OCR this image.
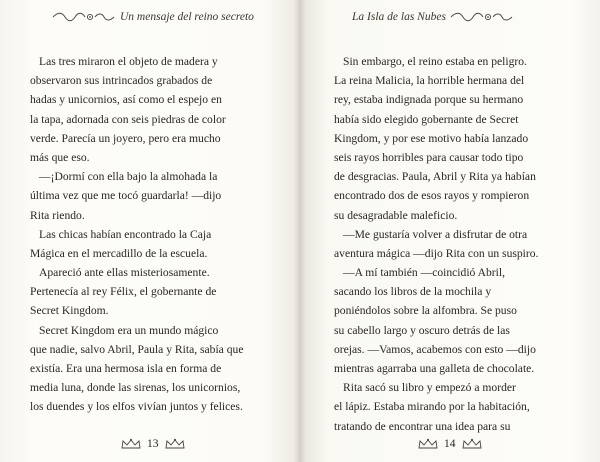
Un mensaje del reino secreto
Las tres miraron el objeto de madera y
observaron sus intrincados grabados de
hadas y unicornios, así como el espejo en
la tapa, adornada con seis piedras de color
verde. Parecía un joyero, pero era mucho
más que eso.
—¡Dormí con ella bajo la almohada la
última vez que me tocó guardarla! —dijo
Rita riendo.
Las chicas habían encontrado la Caja
Mágica en el mercadillo de la escuela.
Apareció ante ellas misteriosamente.
Pertenecía al rey Félix, el gobernante de
Secret Kingdom.
Secret Kingdom era un mundo mágico
que nadie, salvo Abril, Paula y Rita, sabía que
existía. Era una hermosa isla en forma de
media luna, donde las sirenas, los unicornios,
los duendes y los elfos vivían juntos y felices.
13
La Isla de las Nubes
Sin embargo, el reino estaba en peligro.
La reina Malicia, la horrible hermana del
rey, estaba indignada porque su hermano
había sido elegido gobernante de Secret
Kingdom, y por ese motivo había lanzado
seis rayos horribles para causar todo tipo
de desgracias. Paula, Abril y Rita ya habían
encontrado dos de esos rayos y rompieron
su desagradable maleficio.
—Me gustaría volver a disfrutar de otra
aventura mágica —dijo Rita con un suspiro.
—A mí también —coincidió Abril,
sacando los libros de la mochila y
poniéndolos sobre la alfombra. Se puso
su cabello largo y oscuro detrás de las
orejas. —Vamos, acabemos con esto —dijo
mientras agarraba una galleta de chocolate.
Rita sacó su libro y empezó a morder
el lápiz. Estaba mirando por la habitación,
tratando de encontrar una idea para su
14
